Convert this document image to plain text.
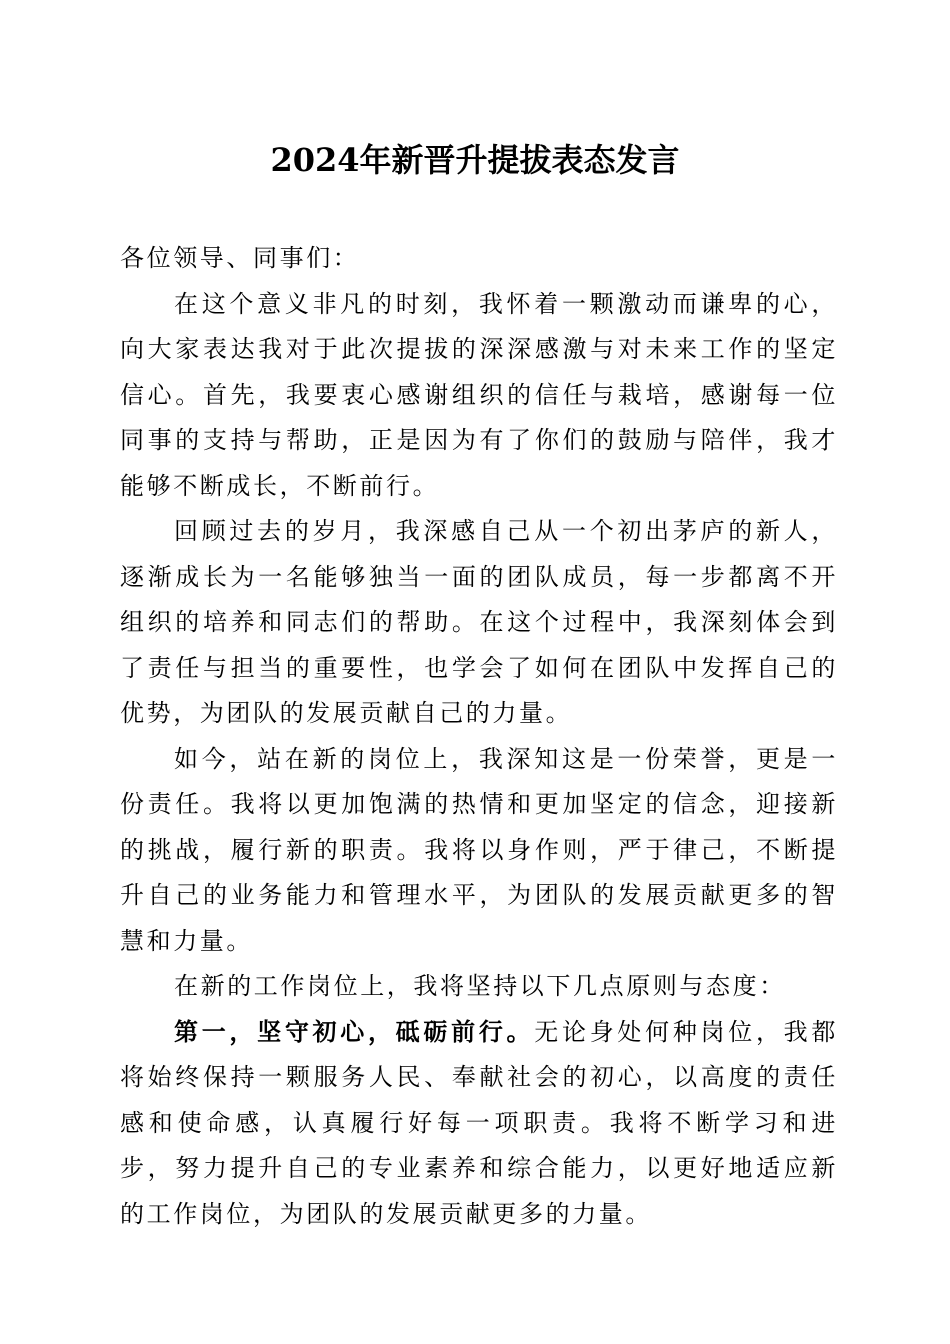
2024年新晋升提拔表态发言

各位领导、同事们：

在这个意义非凡的时刻，我怀着一颗激动而谦卑的心，向大家表达我对于此次提拔的深深感激与对未来工作的坚定信心。首先，我要衷心感谢组织的信任与栽培，感谢每一位同事的支持与帮助，正是因为有了你们的鼓励与陪伴，我才能够不断成长，不断前行。

回顾过去的岁月，我深感自己从一个初出茅庐的新人，逐渐成长为一名能够独当一面的团队成员，每一步都离不开组织的培养和同志们的帮助。在这个过程中，我深刻体会到了责任与担当的重要性，也学会了如何在团队中发挥自己的优势，为团队的发展贡献自己的力量。

如今，站在新的岗位上，我深知这是一份荣誉，更是一份责任。我将以更加饱满的热情和更加坚定的信念，迎接新的挑战，履行新的职责。我将以身作则，严于律己，不断提升自己的业务能力和管理水平，为团队的发展贡献更多的智慧和力量。

在新的工作岗位上，我将坚持以下几点原则与态度：

第一，坚守初心，砥砺前行。无论身处何种岗位，我都将始终保持一颗服务人民、奉献社会的初心，以高度的责任感和使命感，认真履行好每一项职责。我将不断学习和进步，努力提升自己的专业素养和综合能力，以更好地适应新的工作岗位，为团队的发展贡献更多的力量。
